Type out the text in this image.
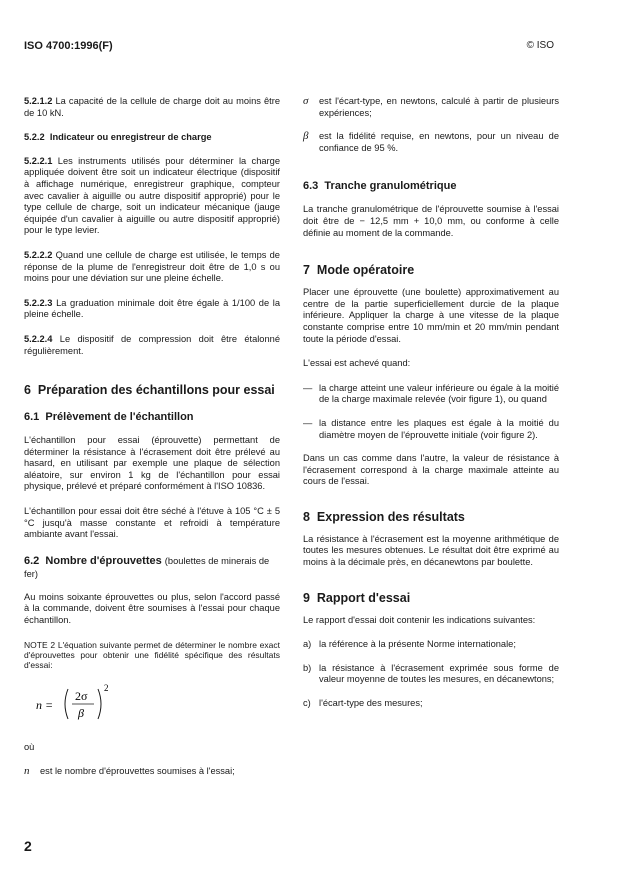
ISO 4700:1996(F)	© ISO

5.2.1.2 La capacité de la cellule de charge doit au moins être de 10 kN.

5.2.2 Indicateur ou enregistreur de charge

5.2.2.1 Les instruments utilisés pour déterminer la charge appliquée doivent être soit un indicateur électrique (dispositif à affichage numérique, enregistreur graphique, compteur avec cavalier à aiguille ou autre dispositif approprié) pour le type cellule de charge, soit un indicateur mécanique (jauge équipée d'un cavalier à aiguille ou autre dispositif approprié) pour le type levier.

5.2.2.2 Quand une cellule de charge est utilisée, le temps de réponse de la plume de l'enregistreur doit être de 1,0 s ou moins pour une déviation sur une pleine échelle.

5.2.2.3 La graduation minimale doit être égale à 1/100 de la pleine échelle.

5.2.2.4 Le dispositif de compression doit être étalonné régulièrement.

6 Préparation des échantillons pour essai
6.1 Prélèvement de l'échantillon

L'échantillon pour essai (éprouvette) permettant de déterminer la résistance à l'écrasement doit être prélevé au hasard, en utilisant par exemple une plaque de sélection aléatoire, sur environ 1 kg de l'échantillon pour essai physique, prélevé et préparé conformément à l'ISO 10836.

L'échantillon pour essai doit être séché à l'étuve à 105 °C ± 5 °C jusqu'à masse constante et refroidi à température ambiante avant l'essai.

6.2 Nombre d'éprouvettes (boulettes de minerais de fer)

Au moins soixante éprouvettes ou plus, selon l'accord passé à la commande, doivent être soumises à l'essai pour chaque échantillon.

NOTE 2 L'équation suivante permet de déterminer le nombre exact d'éprouvettes pour obtenir une fidélité spécifique des résultats d'essai:

n =
2σ
β
2

où

n	est le nombre d'éprouvettes soumises à l'essai;
σ	est l'écart-type, en newtons, calculé à partir de plusieurs expériences;
β	est la fidélité requise, en newtons, pour un niveau de confiance de 95 %.
6.3 Tranche granulométrique

La tranche granulométrique de l'éprouvette soumise à l'essai doit être de − 12,5 mm + 10,0 mm, ou conforme à celle définie au moment de la commande.

7 Mode opératoire

Placer une éprouvette (une boulette) approximativement au centre de la partie superficiellement durcie de la plaque inférieure. Appliquer la charge à une vitesse de la plaque constante comprise entre 10 mm/min et 20 mm/min pendant toute la période d'essai.

L'essai est achevé quand:

— la charge atteint une valeur inférieure ou égale à la moitié de la charge maximale relevée (voir figure 1), ou quand
— la distance entre les plaques est égale à la moitié du diamètre moyen de l'éprouvette initiale (voir figure 2).

Dans un cas comme dans l'autre, la valeur de résistance à l'écrasement correspond à la charge maximale atteinte au cours de l'essai.

8 Expression des résultats

La résistance à l'écrasement est la moyenne arithmétique de toutes les mesures obtenues. Le résultat doit être exprimé au moins à la décimale près, en décanewtons par boulette.

9 Rapport d'essai

Le rapport d'essai doit contenir les indications suivantes:

a) la référence à la présente Norme internationale;
b) la résistance à l'écrasement exprimée sous forme de valeur moyenne de toutes les mesures, en décanewtons;
c) l'écart-type des mesures;
2
